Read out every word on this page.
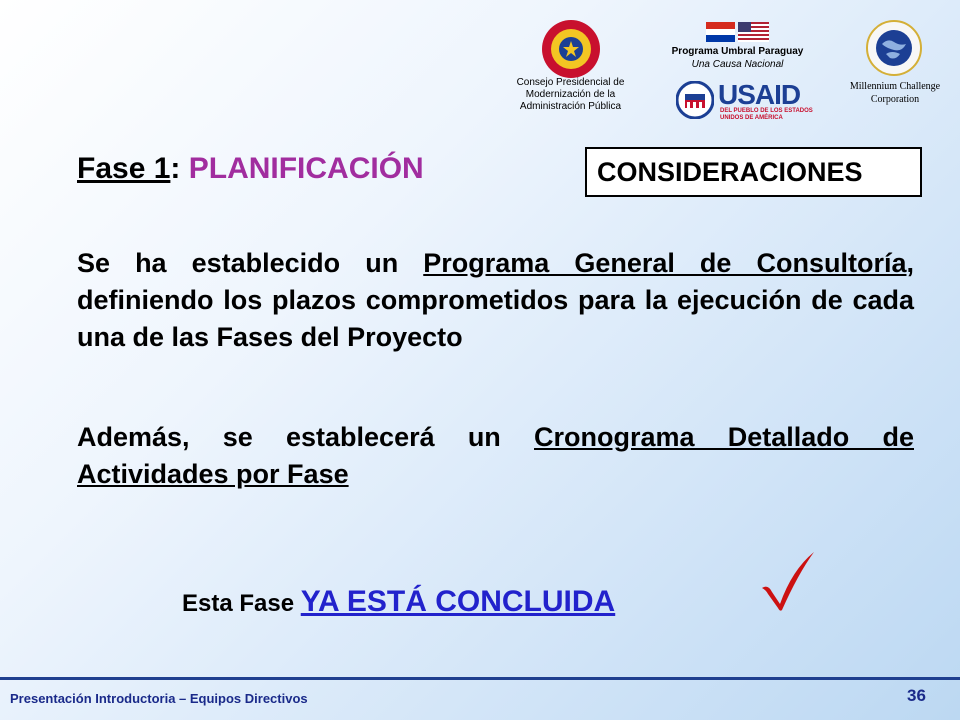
Consejo Presidencial de
Modernización de la
Administración Pública
Programa Umbral Paraguay
Una Causa Nacional
USAID
DEL PUEBLO DE LOS ESTADOS
UNIDOS DE AMÉRICA
Millennium Challenge
Corporation
Fase 1: PLANIFICACIÓN	CONSIDERACIONES
Se ha establecido un Programa General de Consultoría, definiendo los plazos comprometidos para la ejecución de cada una de las Fases del Proyecto
Además, se establecerá un Cronograma Detallado de Actividades por Fase
Esta Fase YA ESTÁ CONCLUIDA
Presentación Introductoria – Equipos Directivos	36
